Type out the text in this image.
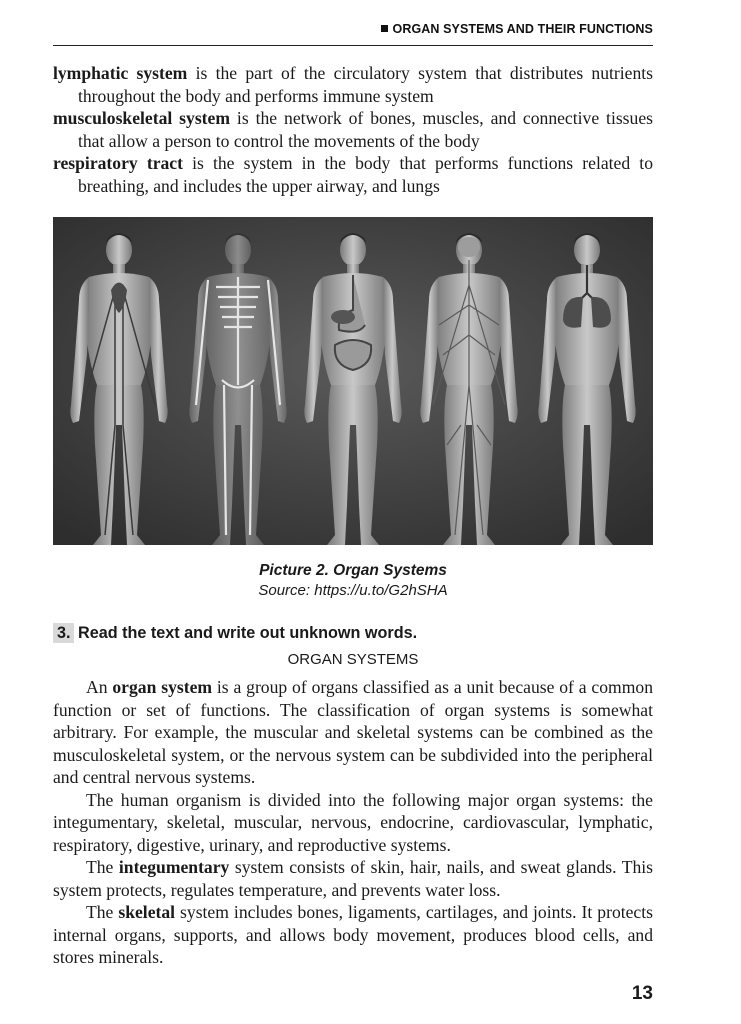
ORGAN SYSTEMS AND THEIR FUNCTIONS

lymphatic system is the part of the circulatory system that distributes nutrients throughout the body and performs immune system

musculoskeletal system is the network of bones, muscles, and connective tissues that allow a person to control the movements of the body

respiratory tract is the system in the body that performs functions related to breathing, and includes the upper airway, and lungs

Picture 2. Organ Systems
Source: https://u.to/G2hSHA
3. Read the text and write out unknown words.
ORGAN SYSTEMS

An organ system is a group of organs classified as a unit because of a common function or set of functions. The classification of organ systems is somewhat arbitrary. For example, the muscular and skeletal systems can be combined as the musculoskeletal system, or the nervous system can be subdivided into the peripheral and central nervous systems.

The human organism is divided into the following major organ systems: the integumentary, skeletal, muscular, nervous, endocrine, cardiovascular, lymphatic, respiratory, digestive, urinary, and reproductive systems.

The integumentary system consists of skin, hair, nails, and sweat glands. This system protects, regulates temperature, and prevents water loss.

The skeletal system includes bones, ligaments, cartilages, and joints. It protects internal organs, supports, and allows body movement, produces blood cells, and stores minerals.

13
